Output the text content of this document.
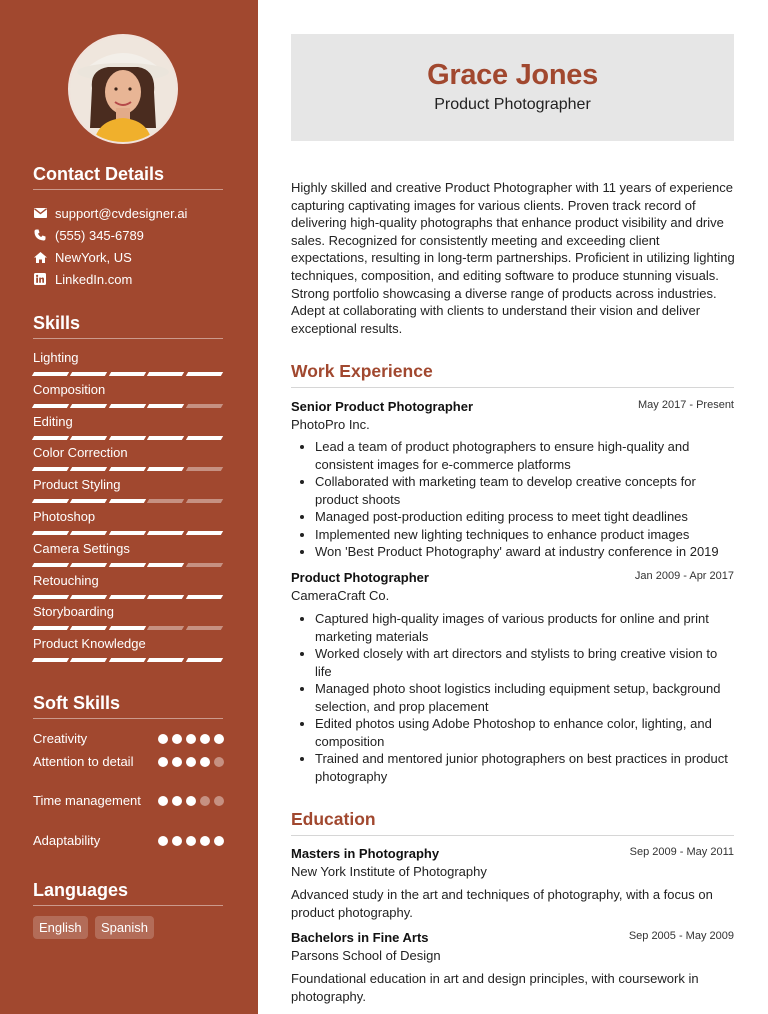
Contact Details
support@cvdesigner.ai
(555) 345-6789
NewYork, US
LinkedIn.com
Skills
Lighting
Composition
Editing
Color Correction
Product Styling
Photoshop
Camera Settings
Retouching
Storyboarding
Product Knowledge
Soft Skills
Creativity
Attention to detail
Time management
Adaptability
Languages
English	Spanish
Grace Jones
Product Photographer
Highly skilled and creative Product Photographer with 11 years of experience capturing captivating images for various clients. Proven track record of delivering high-quality photographs that enhance product visibility and drive sales. Recognized for consistently meeting and exceeding client expectations, resulting in long-term partnerships. Proficient in utilizing lighting techniques, composition, and editing software to produce stunning visuals. Strong portfolio showcasing a diverse range of products across industries. Adept at collaborating with clients to understand their vision and deliver exceptional results.
Work Experience
Senior Product Photographer	May 2017 - Present
PhotoPro Inc.
• Lead a team of product photographers to ensure high-quality and consistent images for e-commerce platforms
• Collaborated with marketing team to develop creative concepts for product shoots
• Managed post-production editing process to meet tight deadlines
• Implemented new lighting techniques to enhance product images
• Won 'Best Product Photography' award at industry conference in 2019
Product Photographer	Jan 2009 - Apr 2017
CameraCraft Co.
• Captured high-quality images of various products for online and print marketing materials
• Worked closely with art directors and stylists to bring creative vision to life
• Managed photo shoot logistics including equipment setup, background selection, and prop placement
• Edited photos using Adobe Photoshop to enhance color, lighting, and composition
• Trained and mentored junior photographers on best practices in product photography
Education
Masters in Photography	Sep 2009 - May 2011
New York Institute of Photography
Advanced study in the art and techniques of photography, with a focus on product photography.
Bachelors in Fine Arts	Sep 2005 - May 2009
Parsons School of Design
Foundational education in art and design principles, with coursework in photography.
